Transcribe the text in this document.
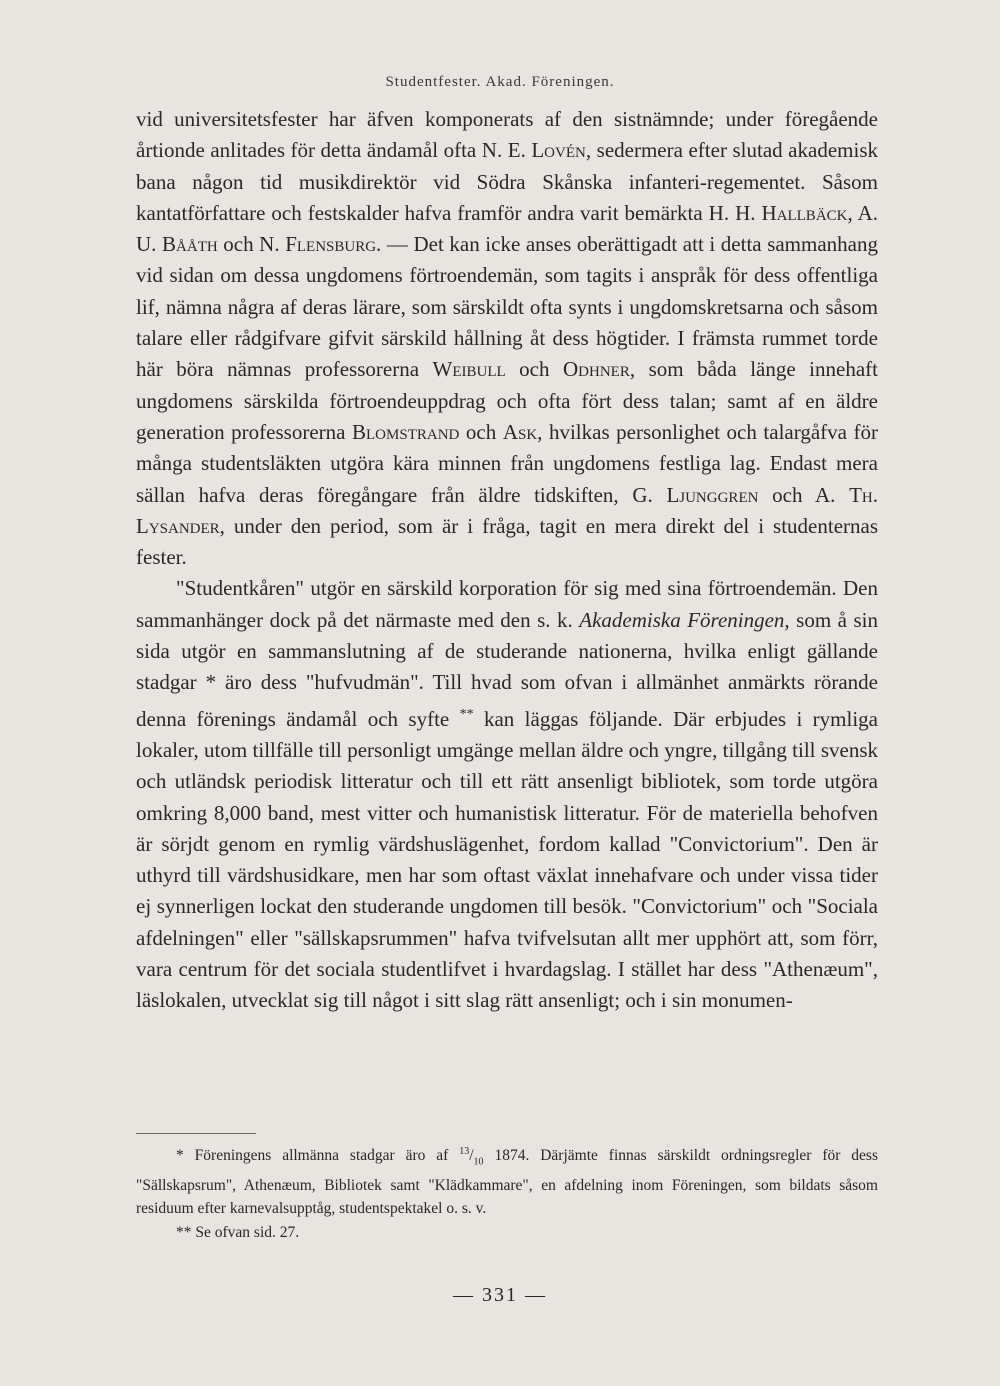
Studentfester. Akad. Föreningen.

vid universitetsfester har äfven komponerats af den sistnämnde; under föregående årtionde anlitades för detta ändamål ofta N. E. Lovén, sedermera efter slutad akademisk bana någon tid musikdirektör vid Södra Skånska infanteri-regementet. Såsom kantatförfattare och festskalder hafva framför andra varit bemärkta H. H. Hallbäck, A. U. Bååth och N. Flensburg. — Det kan icke anses oberättigadt att i detta sammanhang vid sidan om dessa ungdomens förtroendemän, som tagits i anspråk för dess offentliga lif, nämna några af deras lärare, som särskildt ofta synts i ungdomskretsarna och såsom talare eller rådgifvare gifvit särskild hållning åt dess högtider. I främsta rummet torde här böra nämnas professorerna Weibull och Odhner, som båda länge innehaft ungdomens särskilda förtroendeuppdrag och ofta fört dess talan; samt af en äldre generation professorerna Blomstrand och Ask, hvilkas personlighet och talargåfva för många studentsläkten utgöra kära minnen från ungdomens festliga lag. Endast mera sällan hafva deras föregångare från äldre tidskiften, G. Ljunggren och A. Th. Lysander, under den period, som är i fråga, tagit en mera direkt del i studenternas fester.

"Studentkåren" utgör en särskild korporation för sig med sina förtroendemän. Den sammanhänger dock på det närmaste med den s. k. Akademiska Föreningen, som å sin sida utgör en sammanslutning af de studerande nationerna, hvilka enligt gällande stadgar * äro dess "hufvudmän". Till hvad som ofvan i allmänhet anmärkts rörande denna förenings ändamål och syfte ** kan läggas följande. Där erbjudes i rymliga lokaler, utom tillfälle till personligt umgänge mellan äldre och yngre, tillgång till svensk och utländsk periodisk litteratur och till ett rätt ansenligt bibliotek, som torde utgöra omkring 8,000 band, mest vitter och humanistisk litteratur. För de materiella behofven är sörjdt genom en rymlig värdshuslägenhet, fordom kallad "Convictorium". Den är uthyrd till värdshusidkare, men har som oftast växlat innehafvare och under vissa tider ej synnerligen lockat den studerande ungdomen till besök. "Convictorium" och "Sociala afdelningen" eller "sällskapsrummen" hafva tvifvelsutan allt mer upphört att, som förr, vara centrum för det sociala studentlifvet i hvardagslag. I stället har dess "Athenæum", läslokalen, utvecklat sig till något i sitt slag rätt ansenligt; och i sin monumen-

* Föreningens allmänna stadgar äro af $^{13}/_{10}$ 1874. Därjämte finnas särskildt ordningsregler för dess "Sällskapsrum", Athenæum, Bibliotek samt "Klädkammare", en afdelning inom Föreningen, som bildats såsom residuum efter karnevalsupptåg, studentspektakel o. s. v.

** Se ofvan sid. 27.

— 331 —
